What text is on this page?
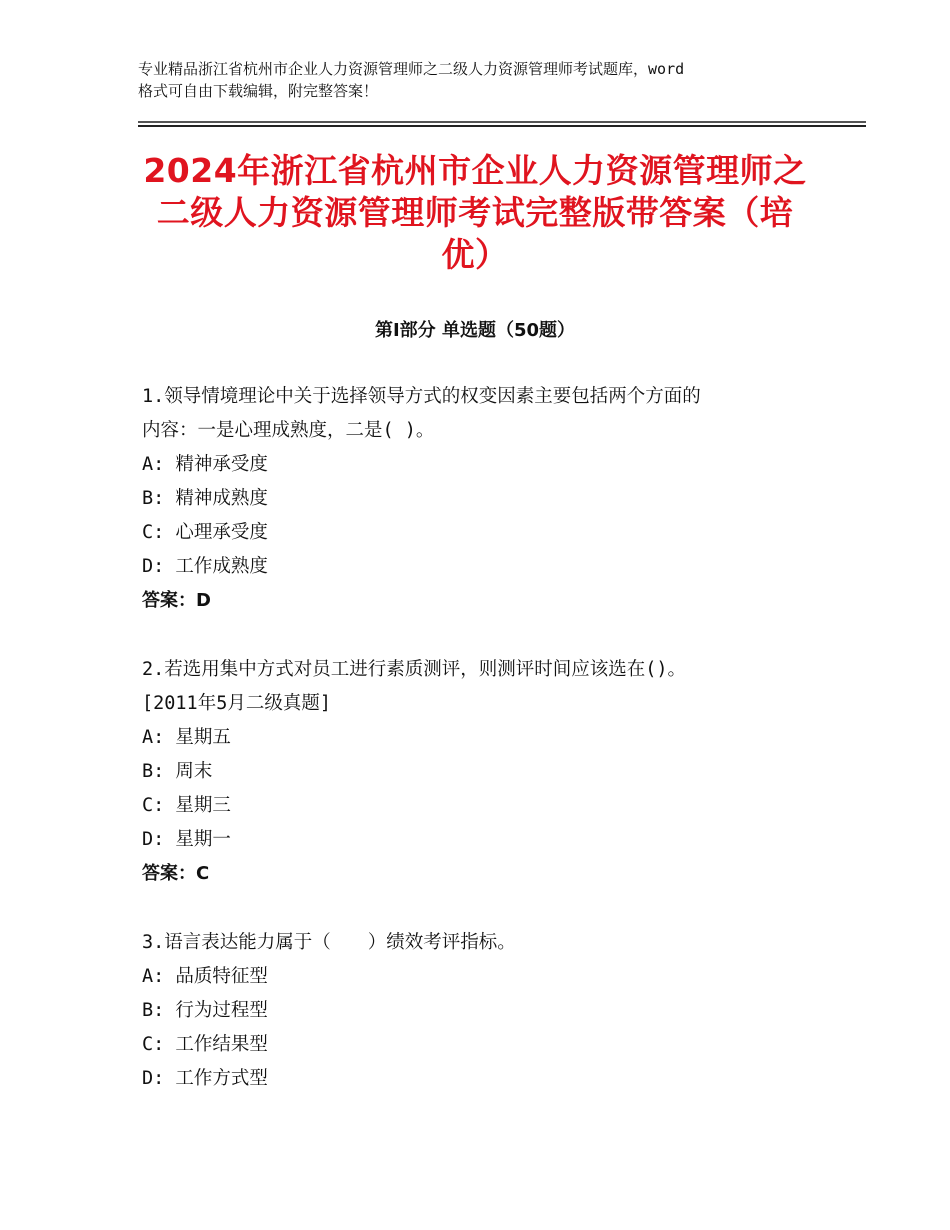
专业精品浙江省杭州市企业人力资源管理师之二级人力资源管理师考试题库，word
格式可自由下载编辑，附完整答案！
2024年浙江省杭州市企业人力资源管理师之
二级人力资源管理师考试完整版带答案（培
优）
第Ⅰ部分 单选题（50题）
1.领导情境理论中关于选择领导方式的权变因素主要包括两个方面的
内容：一是心理成熟度，二是( )。
A: 精神承受度
B: 精神成熟度
C: 心理承受度
D: 工作成熟度
答案：D
2.若选用集中方式对员工进行素质测评，则测评时间应该选在()。
[2011年5月二级真题]
A: 星期五
B: 周末
C: 星期三
D: 星期一
答案：C
3.语言表达能力属于（　　）绩效考评指标。
A: 品质特征型
B: 行为过程型
C: 工作结果型
D: 工作方式型
